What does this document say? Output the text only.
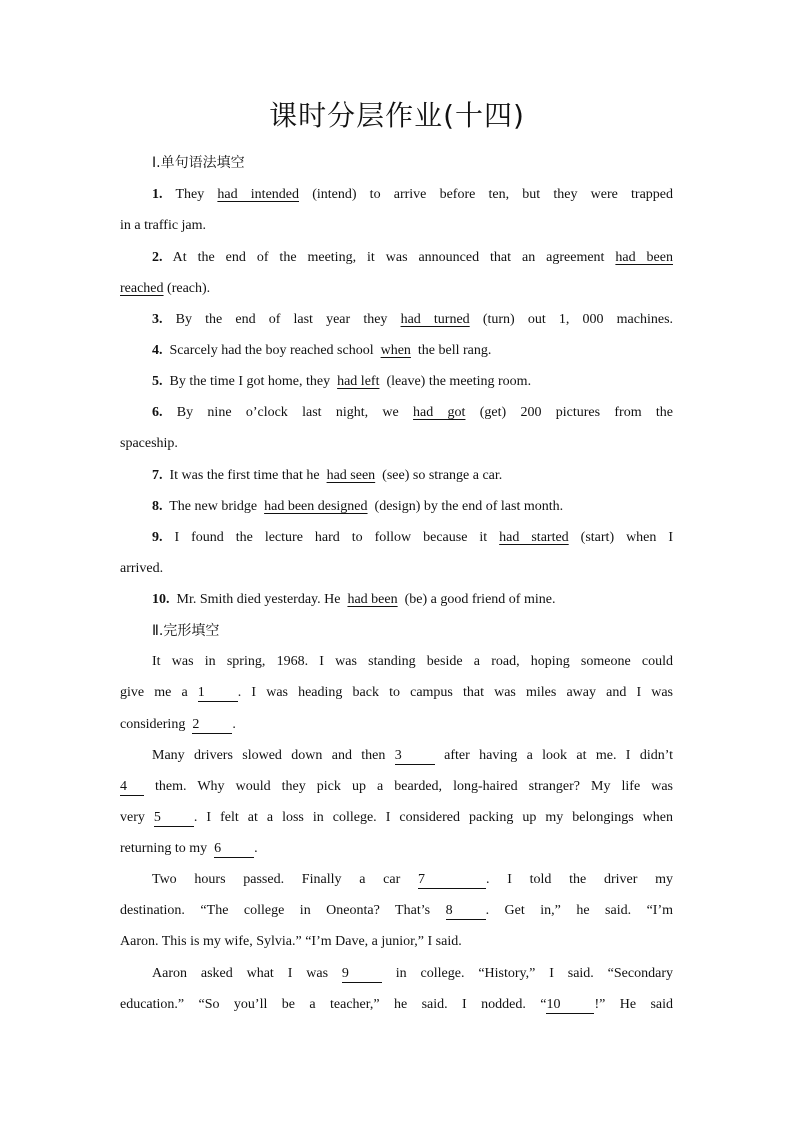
课时分层作业(十四)
Ⅰ.单句语法填空
1. They had intended (intend) to arrive before ten, but they were trapped
in a traffic jam.
2. At the end of the meeting, it was announced that an agreement had been
reached (reach).
3. By the end of last year they had turned (turn) out 1, 000 machines.
4. Scarcely had the boy reached school when the bell rang.
5. By the time I got home, they had left (leave) the meeting room.
6. By nine o’clock last night, we had got (get) 200 pictures from the
spaceship.
7. It was the first time that he had seen (see) so strange a car.
8. The new bridge had been designed (design) by the end of last month.
9. I found the lecture hard to follow because it had started (start) when I
arrived.
10. Mr. Smith died yesterday. He had been (be) a good friend of mine.
Ⅱ.完形填空
It was in spring, 1968. I was standing beside a road, hoping someone could
give me a 1 . I was heading back to campus that was miles away and I was
considering 2 .
Many drivers slowed down and then 3	after having a look at me. I didn’t
4 them. Why would they pick up a bearded, long-haired stranger? My life was
very 5 . I felt at a loss in college. I considered packing up my belongings when
returning to my 6 .
Two hours passed. Finally a car 7	. I told the driver my
destination. “The college in Oneonta? That’s 8 . Get in,” he said. “I’m
Aaron. This is my wife, Sylvia.” “I’m Dave, a junior,” I said.
Aaron asked what I was 9	in college. “History,” I said. “Secondary
education.” “So you’ll be a teacher,” he said. I nodded. “10 !” He said
